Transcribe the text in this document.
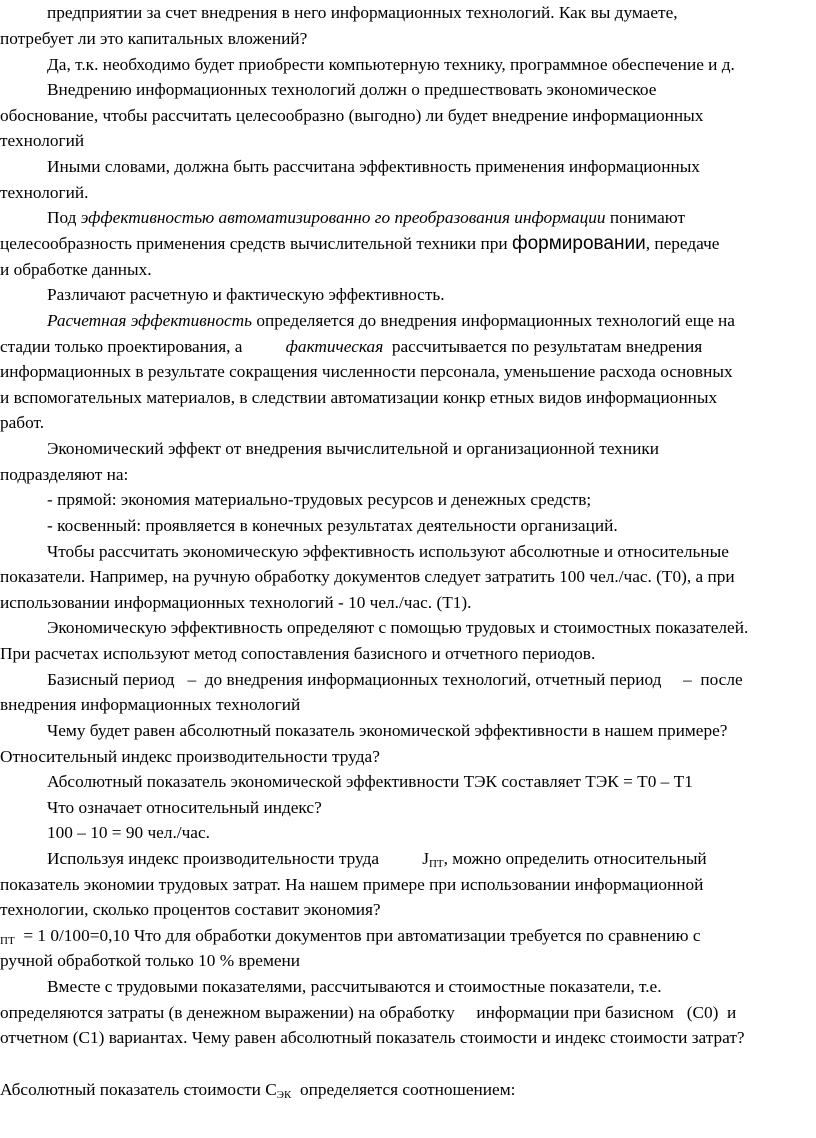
предприятии за счет внедрения в него информационных технологий. Как вы думаете,
потребует ли это капитальных вложений?
Да, т.к. необходимо будет приобрести компьютерную технику, программное обеспечение и д.
Внедрению информационных технологий должн о предшествовать экономическое
обоснование, чтобы рассчитать целесообразно (выгодно) ли будет внедрение информационных
технологий
Иными словами, должна быть рассчитана эффективность применения информационных
технологий.
Под эффективностью автоматизированно го преобразования информации понимают
целесообразность применения средств вычислительной техники при формировании, передаче
и обработке данных.
Различают расчетную и фактическую эффективность.
Расчетная эффективность определяется до внедрения информационных технологий еще на
стадии только проектирования, а          фактическая  рассчитывается по результатам внедрения
информационных в результате сокращения численности персонала, уменьшение расхода основных
и вспомогательных материалов, в следствии автоматизации конкр етных видов информационных
работ.
Экономический эффект от внедрения вычислительной и организационной техники
подразделяют на:
- прямой: экономия материально-трудовых ресурсов и денежных средств;
- косвенный: проявляется в конечных результатах деятельности организаций.
Чтобы рассчитать экономическую эффективность используют абсолютные и относительные
показатели. Например, на ручную обработку документов следует затратить 100 чел./час. (Т0), а при
использовании информационных технологий - 10 чел./час. (Т1).
Экономическую эффективность определяют с помощью трудовых и стоимостных показателей.
При расчетах используют метод сопоставления базисного и отчетного периодов.
Базисный период   –  до внедрения информационных технологий, отчетный период     –  после
внедрения информационных технологий
Чему будет равен абсолютный показатель экономической эффективности в нашем примере?
Относительный индекс производительности труда?
Абсолютный показатель экономической эффективности ТЭК составляет ТЭК = Т0 – Т1
Что означает относительный индекс?
100 – 10 = 90 чел./час.
Используя индекс производительности труда          $J_{ПТ}$, можно определить относительный
показатель экономии трудовых затрат. На нашем примере при использовании информационной
технологии, сколько процентов составит экономия?
$_{ПТ}$  = 1 0/100=0,10 Что для обработки документов при автоматизации требуется по сравнению с
ручной обработкой только 10 % времени
Вместе с трудовыми показателями, рассчитываются и стоимостные показатели, т.е.
определяются затраты (в денежном выражении) на обработку     информации при базисном   (С0)  и
отчетном (С1) вариантах. Чему равен абсолютный показатель стоимости и индекс стоимости затрат?
Абсолютный показатель стоимости $С_{ЭК}$  определяется соотношением:
